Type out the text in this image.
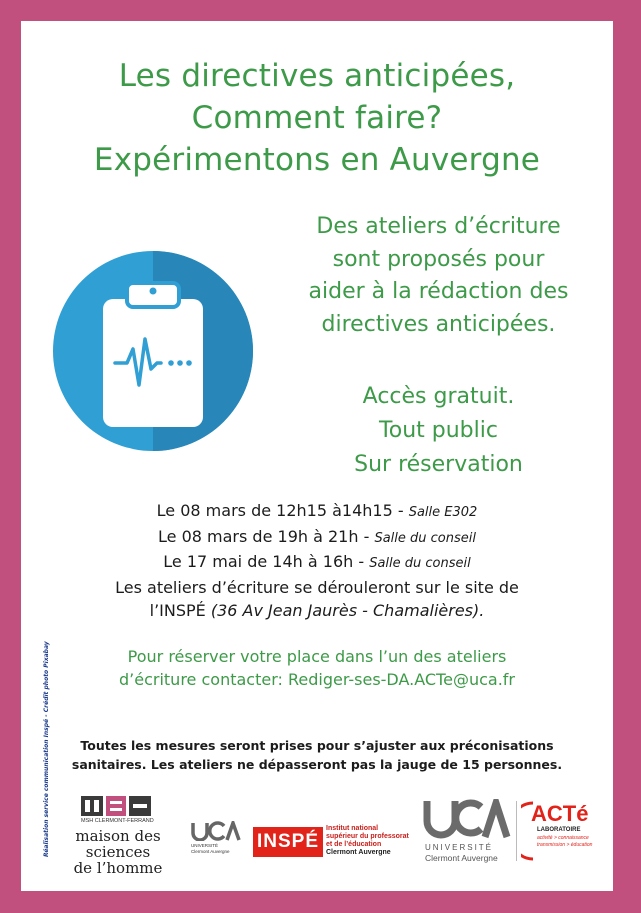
Les directives anticipées,
Comment faire?
Expérimentons en Auvergne
Des ateliers d’écriture
sont proposés pour
aider à la rédaction des
directives anticipées.
Accès gratuit.
Tout public
Sur réservation
Le 08 mars de 12h15 à14h15 - Salle E302
Le 08 mars de 19h à 21h - Salle du conseil
Le 17 mai de 14h à 16h - Salle du conseil
Les ateliers d’écriture se dérouleront sur le site de
l’INSPÉ (36 Av Jean Jaurès - Chamalières).
Pour réserver votre place dans l’un des ateliers
d’écriture contacter: Rediger-ses-DA.ACTe@uca.fr
Toutes les mesures seront prises pour s’ajuster aux préconisations
sanitaires. Les ateliers ne dépasseront pas la jauge de 15 personnes.
Réalisation service communication Inspé - Crédit photo Pixabay	MSH CLERMONT-FERRAND
maison des sciences
de l’homme
UNIVERSITÉ
Clermont Auvergne INSPÉ
Institut national
supérieur du professorat
et de l’éducation
Clermont Auvergne
UNIVERSITÉ
Clermont Auvergne
ACTé
LABORATOIRE
activité > connaissance
transmission > éducation
